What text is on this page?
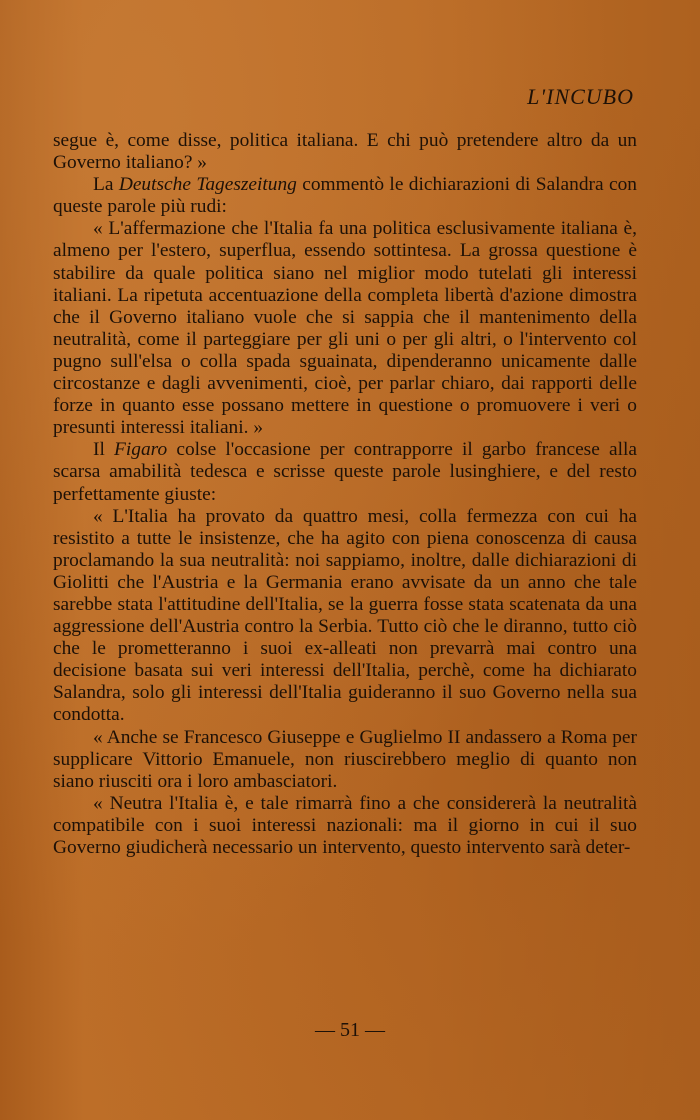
L'INCUBO

segue è, come disse, politica italiana. E chi può pretendere altro da un Governo italiano? »

La Deutsche Tageszeitung commentò le dichiarazioni di Salandra con queste parole più rudi:

« L'affermazione che l'Italia fa una politica esclusivamente italiana è, almeno per l'estero, superflua, essendo sottintesa. La grossa questione è stabilire da quale politica siano nel miglior modo tutelati gli interessi italiani. La ripetuta accentuazione della completa libertà d'azione dimostra che il Governo italiano vuole che si sappia che il mantenimento della neutralità, come il parteggiare per gli uni o per gli altri, o l'intervento col pugno sull'elsa o colla spada sguainata, dipenderanno unicamente dalle circostanze e dagli avvenimenti, cioè, per parlar chiaro, dai rapporti delle forze in quanto esse possano mettere in questione o promuovere i veri o presunti interessi italiani. »

Il Figaro colse l'occasione per contrapporre il garbo francese alla scarsa amabilità tedesca e scrisse queste parole lusinghiere, e del resto perfettamente giuste:

« L'Italia ha provato da quattro mesi, colla fermezza con cui ha resistito a tutte le insistenze, che ha agito con piena conoscenza di causa proclamando la sua neutralità: noi sappiamo, inoltre, dalle dichiarazioni di Giolitti che l'Austria e la Germania erano avvisate da un anno che tale sarebbe stata l'attitudine dell'Italia, se la guerra fosse stata scatenata da una aggressione dell'Austria contro la Serbia. Tutto ciò che le diranno, tutto ciò che le prometteranno i suoi ex-alleati non prevarrà mai contro una decisione basata sui veri interessi dell'Italia, perchè, come ha dichiarato Salandra, solo gli interessi dell'Italia guideranno il suo Governo nella sua condotta.

« Anche se Francesco Giuseppe e Guglielmo II andassero a Roma per supplicare Vittorio Emanuele, non riuscirebbero meglio di quanto non siano riusciti ora i loro ambasciatori.

« Neutra l'Italia è, e tale rimarrà fino a che considererà la neutralità compatibile con i suoi interessi nazionali: ma il giorno in cui il suo Governo giudicherà necessario un intervento, questo intervento sarà deter-

— 51 —
